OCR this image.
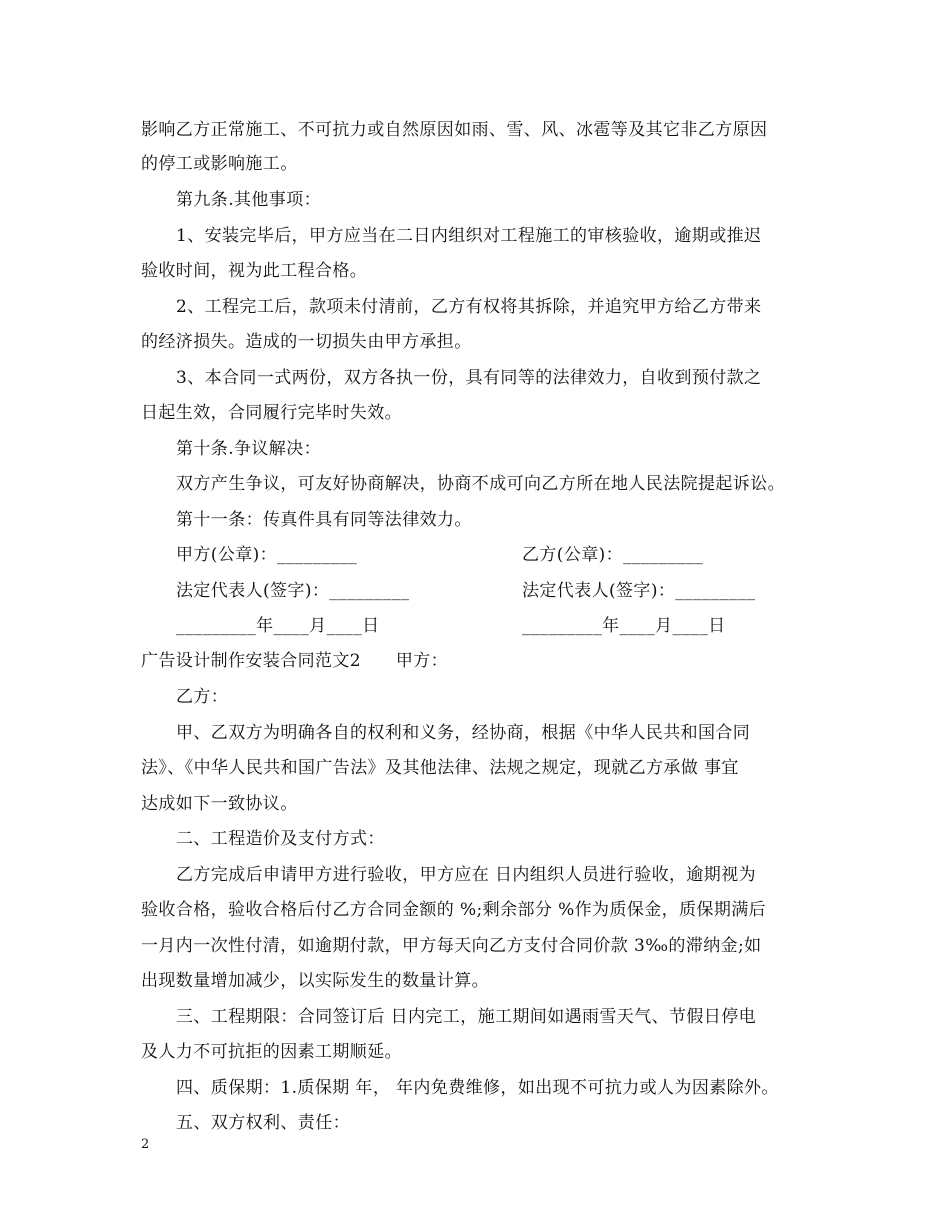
影响乙方正常施工、不可抗力或自然原因如雨、雪、风、冰雹等及其它非乙方原因
的停工或影响施工。
第九条.其他事项：
1、安装完毕后，甲方应当在二日内组织对工程施工的审核验收，逾期或推迟
验收时间，视为此工程合格。
2、工程完工后，款项未付清前，乙方有权将其拆除，并追究甲方给乙方带来
的经济损失。造成的一切损失由甲方承担。
3、本合同一式两份，双方各执一份，具有同等的法律效力，自收到预付款之
日起生效，合同履行完毕时失效。
第十条.争议解决：
双方产生争议，可友好协商解决，协商不成可向乙方所在地人民法院提起诉讼。
第十一条：传真件具有同等法律效力。
甲方(公章)：_________	乙方(公章)：_________
法定代表人(签字)：_________	法定代表人(签字)：_________
_________年____月____日	_________年____月____日
广告设计制作安装合同范文2　　甲方：
乙方：
甲、乙双方为明确各自的权利和义务，经协商，根据《中华人民共和国合同
法》、《中华人民共和国广告法》及其他法律、法规之规定，现就乙方承做 事宜
达成如下一致协议。
二、工程造价及支付方式：
乙方完成后申请甲方进行验收，甲方应在 日内组织人员进行验收，逾期视为
验收合格，验收合格后付乙方合同金额的 %;剩余部分 %作为质保金，质保期满后
一月内一次性付清，如逾期付款，甲方每天向乙方支付合同价款 3‰的滞纳金;如
出现数量增加减少，以实际发生的数量计算。
三、工程期限：合同签订后 日内完工，施工期间如遇雨雪天气、节假日停电
及人力不可抗拒的因素工期顺延。
四、质保期：1.质保期 年， 年内免费维修，如出现不可抗力或人为因素除外。
五、双方权利、责任：
2
